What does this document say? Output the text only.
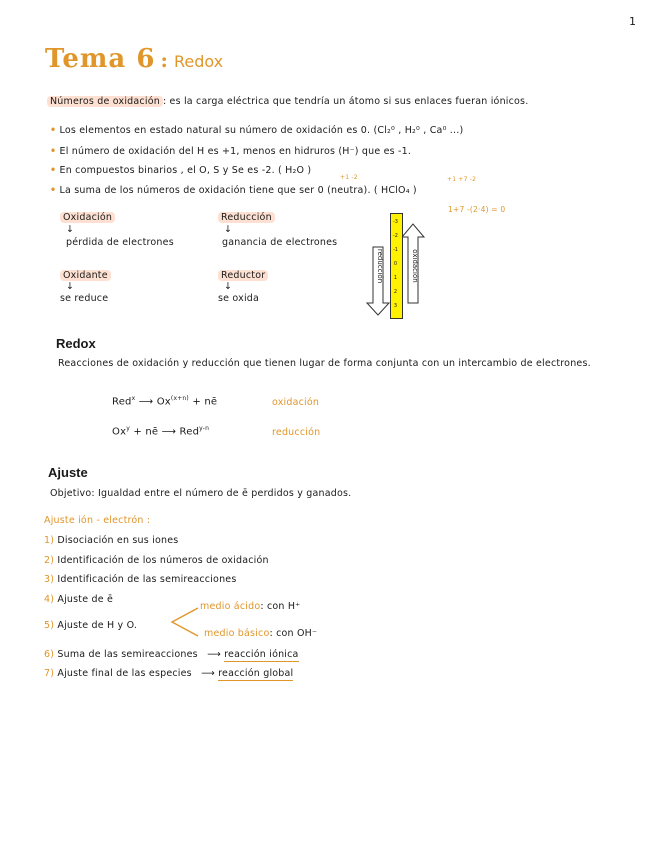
1
Tema 6 : Redox
Números de oxidación : es la carga eléctrica que tendría un átomo si sus enlaces fueran iónicos.
• Los elementos en estado natural su número de oxidación es 0. (Cl₂⁰ , H₂⁰ , Ca⁰ ...)
• El número de oxidación del H es +1, menos en hidruros (H⁻) que es -1.
• En compuestos binarios , el O, S y Se es -2. ( H₂O )
+1 -2
• La suma de los números de oxidación tiene que ser 0 (neutra). ( HClO₄ )
+1 +7 -2
1+7 -(2·4) = 0
Oxidación
↓
pérdida de electrones
Reducción
↓
ganancia de electrones
Oxidante
↓
se reduce
Reductor
↓
se oxida
-3
-2
-1
0
1
2
3
reducción	oxidación
Redox
Reacciones de oxidación y reducción que tienen lugar de forma conjunta con un intercambio de electrones.
Red$^x$ ⟶ $Ox^{(x+n)}$ + nē	oxidación
$Ox^y$ + nē ⟶ Red$^{y-n}$	reducción
Ajuste
Objetivo: Igualdad entre el número de ē perdidos y ganados.
Ajuste ión - electrón :
1) Disociación en sus iones
2) Identificación de los números de oxidación
3) Identificación de las semireacciones
4) Ajuste de ē
5) Ajuste de H y O.
medio ácido: con H⁺
medio básico: con OH⁻
6) Suma de las semireacciones ⟶ reacción iónica
7) Ajuste final de las especies ⟶ reacción global
